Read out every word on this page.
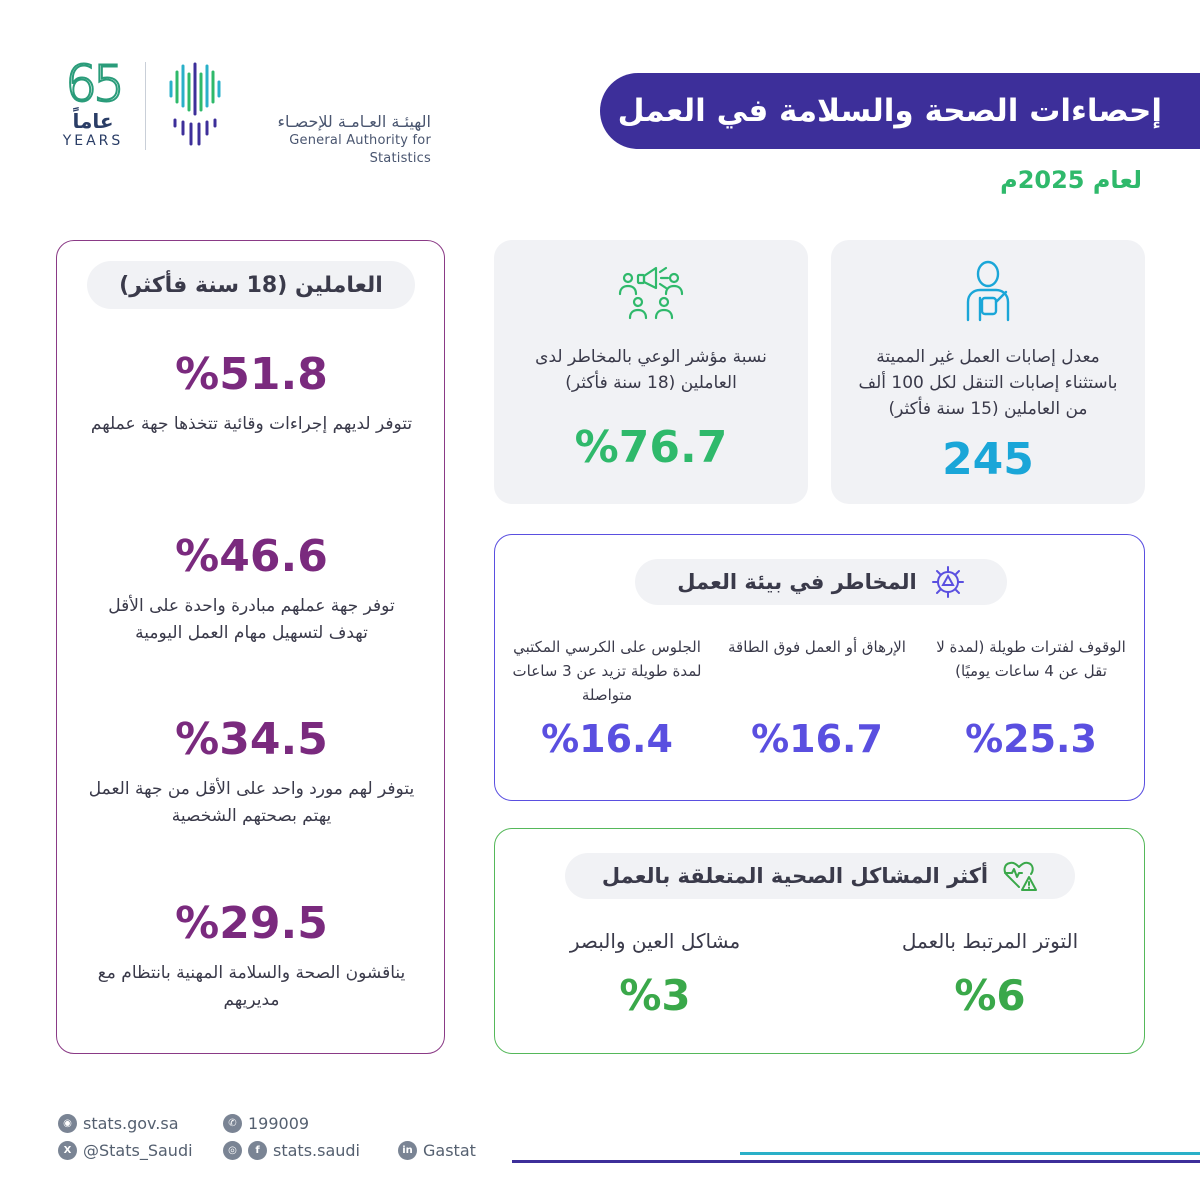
65
عاماً
YEARS
الهيئـة العـامـة للإحصـاء
General Authority for Statistics
إحصاءات الصحة والسلامة في العمل
لعام 2025م
العاملين (18 سنة فأكثر)
%51.8
تتوفر لديهم إجراءات وقائية تتخذها جهة عملهم
%46.6
توفر جهة عملهم مبادرة واحدة على الأقل تهدف لتسهيل مهام العمل اليومية
%34.5
يتوفر لهم مورد واحد على الأقل من جهة العمل يهتم بصحتهم الشخصية
%29.5
يناقشون الصحة والسلامة المهنية بانتظام مع مديريهم
معدل إصابات العمل غير المميتة باستثناء إصابات التنقل لكل 100 ألف من العاملين (15 سنة فأكثر)
245
نسبة مؤشر الوعي بالمخاطر لدى العاملين (18 سنة فأكثر)
%76.7
المخاطر في بيئة العمل
الوقوف لفترات طويلة (لمدة لا تقل عن 4 ساعات يوميًا)
%25.3
الإرهاق أو العمل فوق الطاقة
%16.7
الجلوس على الكرسي المكتبي لمدة طويلة تزيد عن 3 ساعات متواصلة
%16.4
أكثر المشاكل الصحية المتعلقة بالعمل
التوتر المرتبط بالعمل
%6
مشاكل العين والبصر
%3
◉ stats.gov.sa	✆ 199009
X @Stats_Saudi	◎	f stats.saudi	in Gastat
